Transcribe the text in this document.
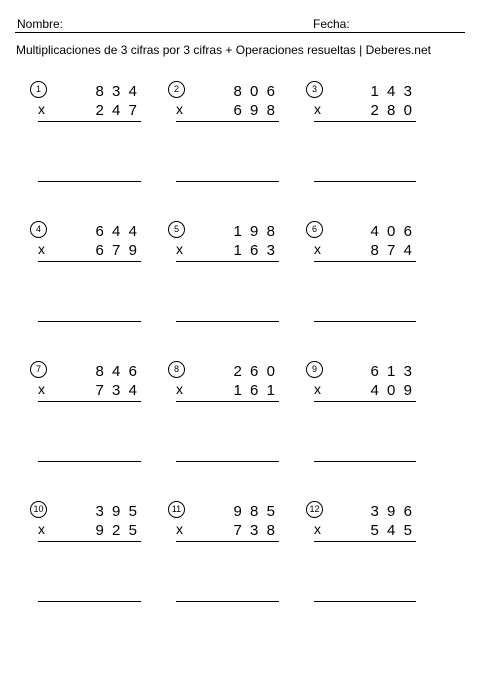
Nombre:	Fecha:
Multiplicaciones de 3 cifras por 3 cifras + Operaciones resueltas | Deberes.net
1	834
x	247
2	806
x	698
3	143
x	280
4	644
x	679
5	198
x	163
6	406
x	874
7	846
x	734
8	260
x	161
9	613
x	409
10	395
x	925
11	985
x	738
12	396
x	545
